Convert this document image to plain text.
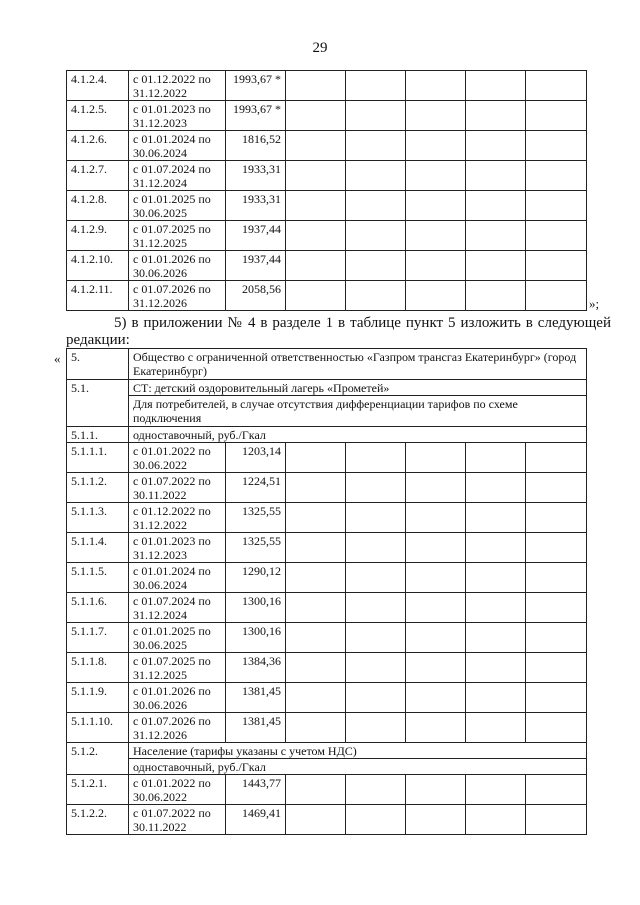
29
4.1.2.4.	с 01.12.2022 по 31.12.2022	1993,67 *					
4.1.2.5.	с 01.01.2023 по 31.12.2023	1993,67 *					
4.1.2.6.	с 01.01.2024 по 30.06.2024	1816,52					
4.1.2.7.	с 01.07.2024 по 31.12.2024	1933,31					
4.1.2.8.	с 01.01.2025 по 30.06.2025	1933,31					
4.1.2.9.	с 01.07.2025 по 31.12.2025	1937,44					
4.1.2.10.	с 01.01.2026 по 30.06.2026	1937,44					
4.1.2.11.	с 01.07.2026 по 31.12.2026	2058,56					
»;
5) в приложении № 4 в разделе 1 в таблице пункт 5 изложить в следующей редакции:
« 5.	Общество с ограниченной ответственностью «Газпром трансгаз Екатеринбург» (город Екатеринбург)						
5.1.	СТ: детский оздоровительный лагерь «Прометей»						
	Для потребителей, в случае отсутствия дифференциации тарифов по схеме подключения						
5.1.1.	одноставочный, руб./Гкал						
5.1.1.1.	с 01.01.2022 по 30.06.2022	1203,14					
5.1.1.2.	с 01.07.2022 по 30.11.2022	1224,51					
5.1.1.3.	с 01.12.2022 по 31.12.2022	1325,55					
5.1.1.4.	с 01.01.2023 по 31.12.2023	1325,55					
5.1.1.5.	с 01.01.2024 по 30.06.2024	1290,12					
5.1.1.6.	с 01.07.2024 по 31.12.2024	1300,16					
5.1.1.7.	с 01.01.2025 по 30.06.2025	1300,16					
5.1.1.8.	с 01.07.2025 по 31.12.2025	1384,36					
5.1.1.9.	с 01.01.2026 по 30.06.2026	1381,45					
5.1.1.10.	с 01.07.2026 по 31.12.2026	1381,45					
5.1.2.	Население (тарифы указаны с учетом НДС)						
	одноставочный, руб./Гкал						
5.1.2.1.	с 01.01.2022 по 30.06.2022	1443,77					
5.1.2.2.	с 01.07.2022 по 30.11.2022	1469,41					
